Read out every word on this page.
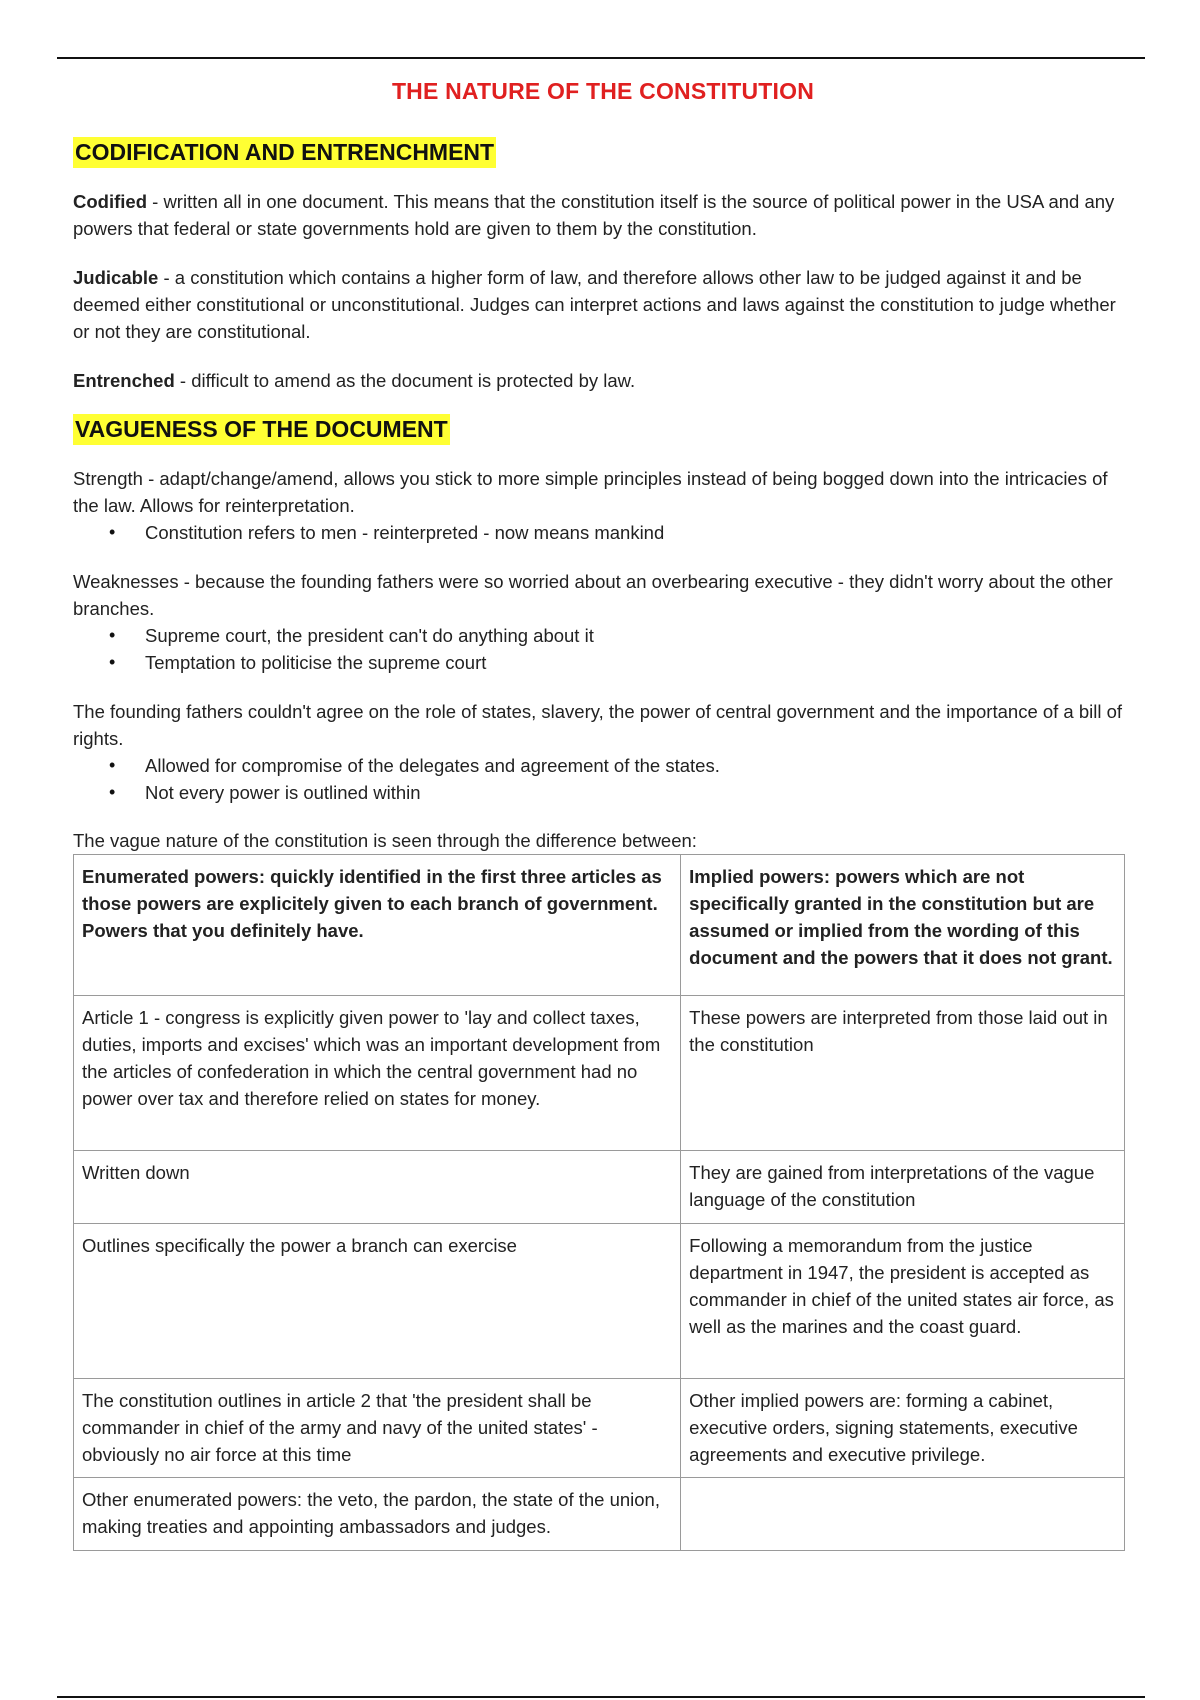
THE NATURE OF THE CONSTITUTION
CODIFICATION AND ENTRENCHMENT

Codified - written all in one document. This means that the constitution itself is the source of political power in the USA and any powers that federal or state governments hold are given to them by the constitution.

Judicable - a constitution which contains a higher form of law, and therefore allows other law to be judged against it and be deemed either constitutional or unconstitutional. Judges can interpret actions and laws against the constitution to judge whether or not they are constitutional.

Entrenched - difficult to amend as the document is protected by law.

VAGUENESS OF THE DOCUMENT

Strength - adapt/change/amend, allows you stick to more simple principles instead of being bogged down into the intricacies of the law. Allows for reinterpretation.

• Constitution refers to men - reinterpreted - now means mankind

Weaknesses - because the founding fathers were so worried about an overbearing executive - they didn't worry about the other branches.

• Supreme court, the president can't do anything about it
• Temptation to politicise the supreme court

The founding fathers couldn't agree on the role of states, slavery, the power of central government and the importance of a bill of rights.

• Allowed for compromise of the delegates and agreement of the states.
• Not every power is outlined within
The vague nature of the constitution is seen through the difference between:
Enumerated powers: quickly identified in the first three articles as those powers are explicitely given to each branch of government. Powers that you definitely have.	Implied powers: powers which are not specifically granted in the constitution but are assumed or implied from the wording of this document and the powers that it does not grant.
Article 1 - congress is explicitly given power to 'lay and collect taxes, duties, imports and excises' which was an important development from the articles of confederation in which the central government had no power over tax and therefore relied on states for money.	These powers are interpreted from those laid out in the constitution
Written down	They are gained from interpretations of the vague language of the constitution
Outlines specifically the power a branch can exercise	Following a memorandum from the justice department in 1947, the president is accepted as commander in chief of the united states air force, as well as the marines and the coast guard.
The constitution outlines in article 2 that 'the president shall be commander in chief of the army and navy of the united states' - obviously no air force at this time	Other implied powers are: forming a cabinet, executive orders, signing statements, executive agreements and executive privilege.
Other enumerated powers: the veto, the pardon, the state of the union, making treaties and appointing ambassadors and judges.	
